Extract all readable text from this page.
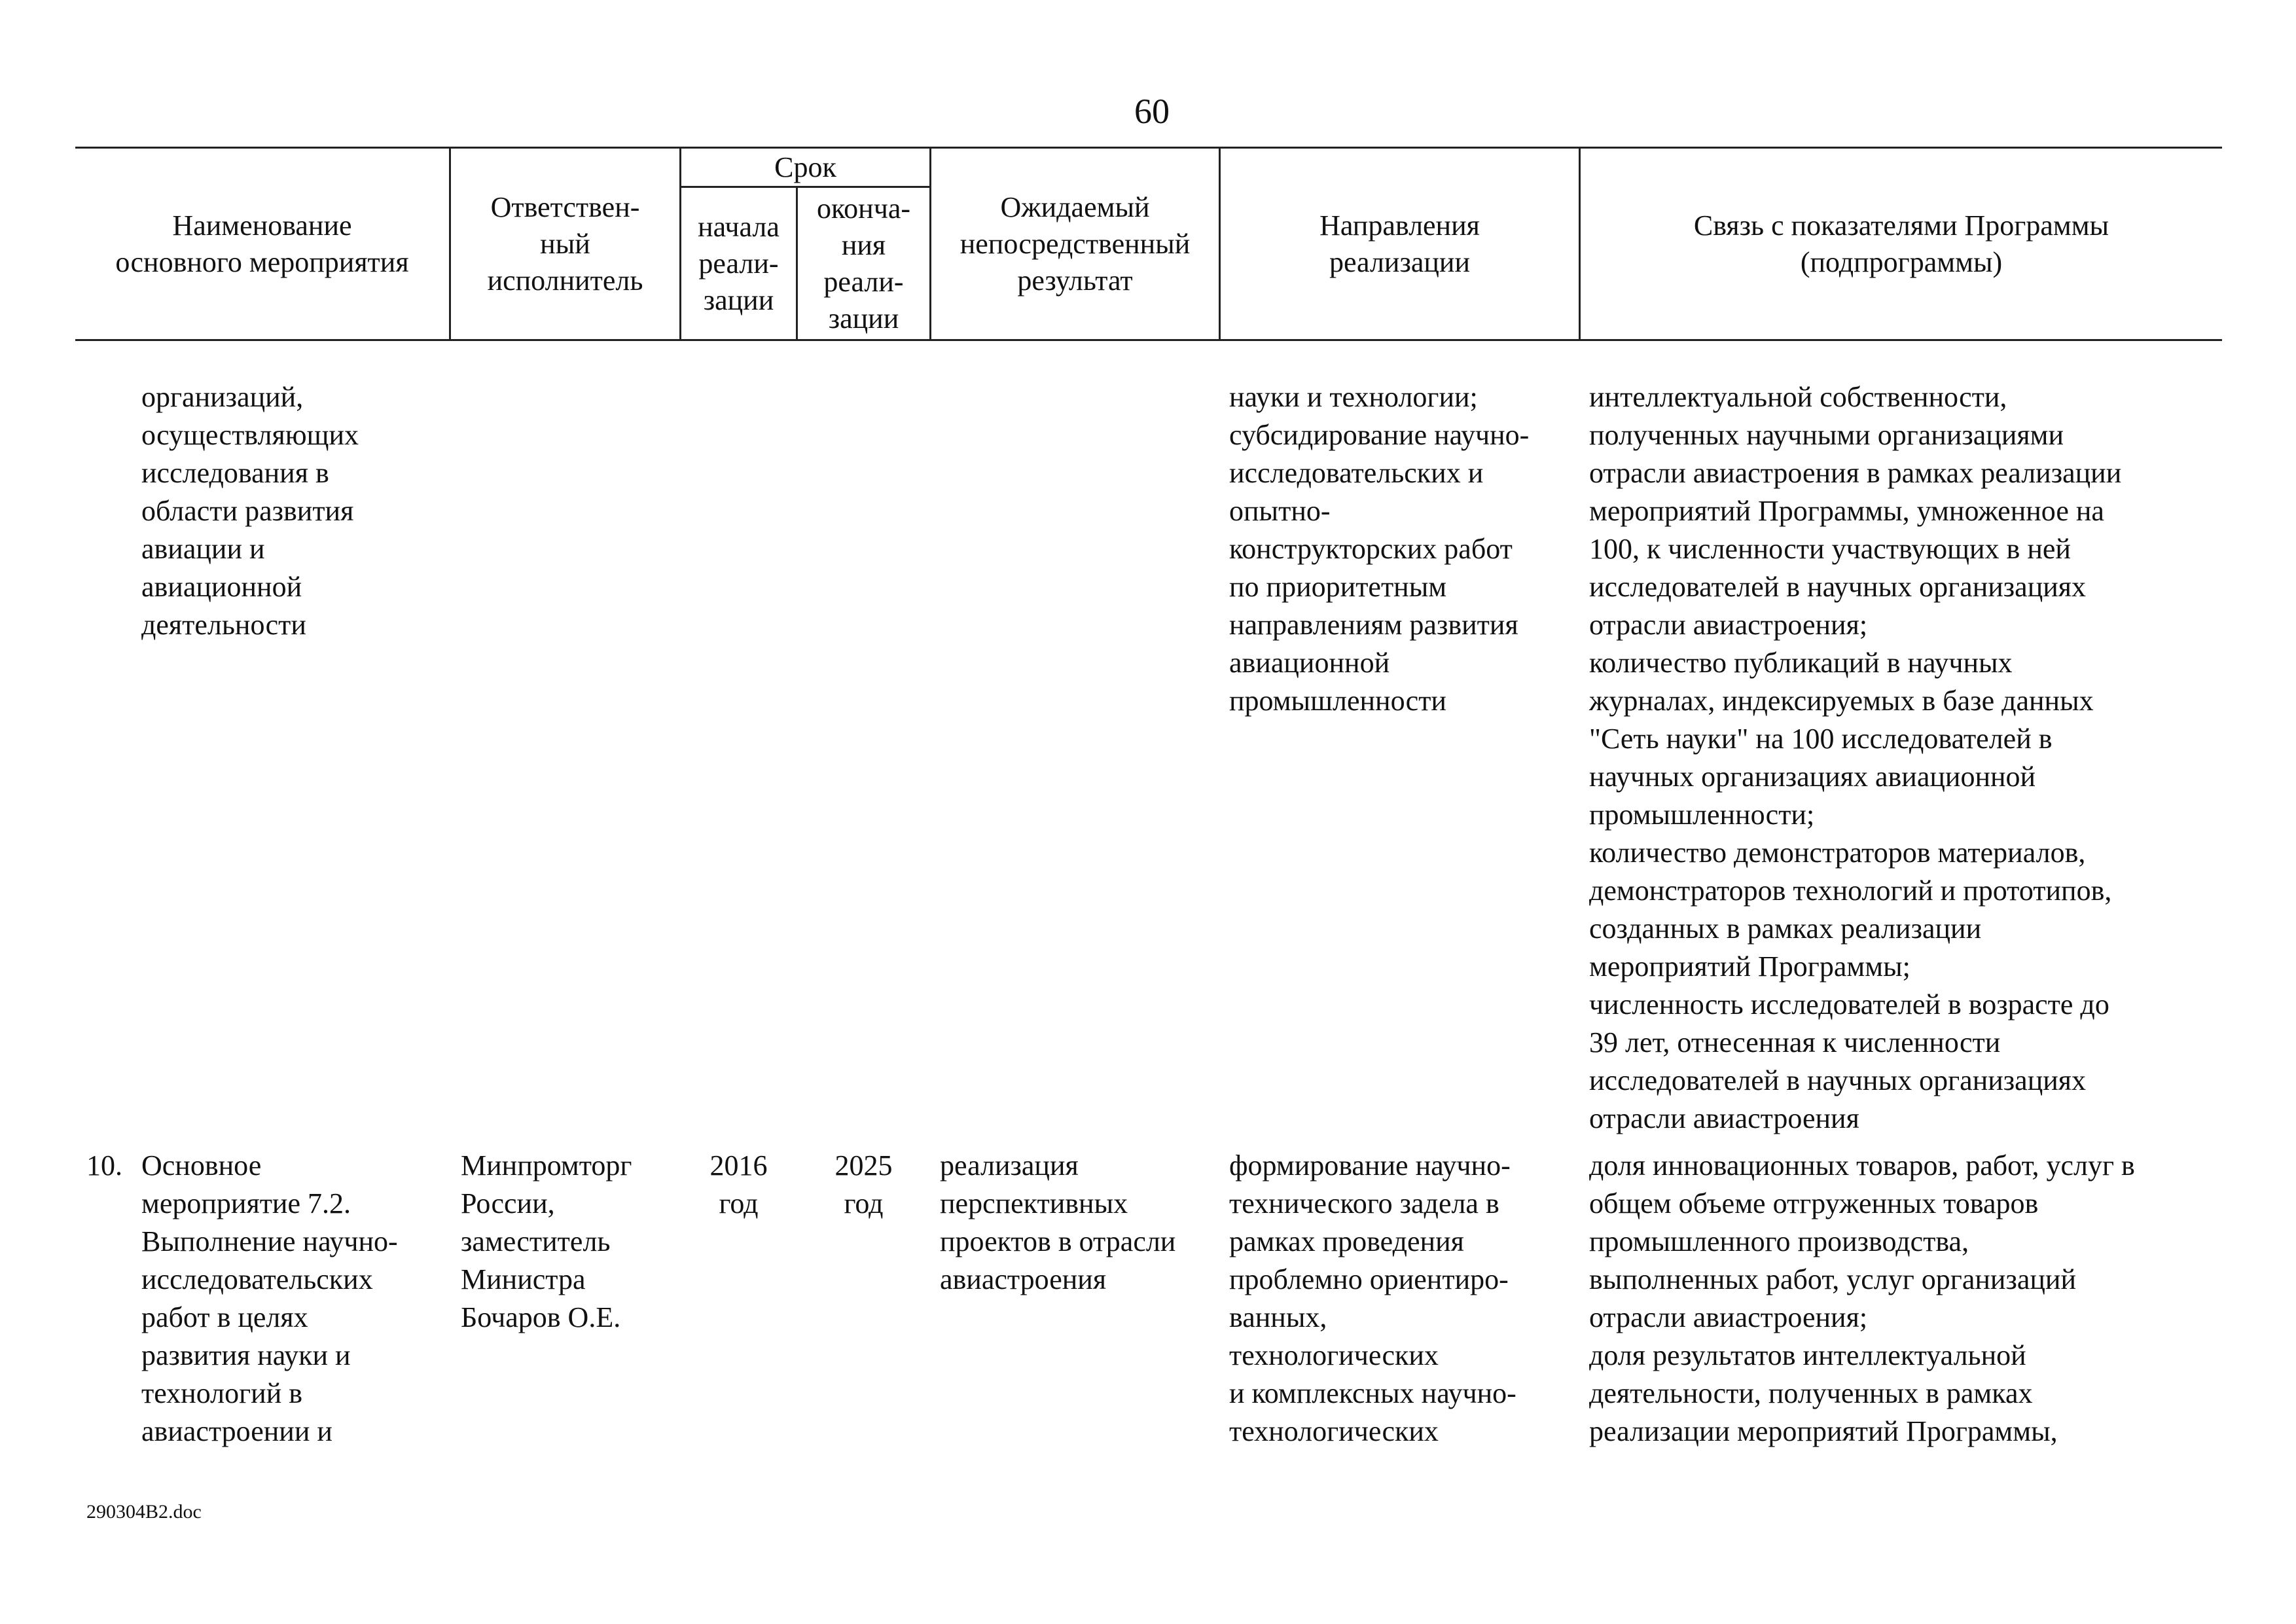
60
Наименование
основного мероприятия
Ответствен-
ный
исполнитель
Срок
начала
реали-
зации
оконча-
ния
реали-
зации
Ожидаемый
непосредственный
результат
Направления
реализации
Связь с показателями Программы
(подпрограммы)
организаций,
осуществляющих
исследования в
области развития
авиации и
авиационной
деятельности
науки и технологии;
субсидирование научно-
исследовательских и
опытно-
конструкторских работ
по приоритетным
направлениям развития
авиационной
промышленности
интеллектуальной собственности,
полученных научными организациями
отрасли авиастроения в рамках реализации
мероприятий Программы, умноженное на
100, к численности участвующих в ней
исследователей в научных организациях
отрасли авиастроения;
количество публикаций в научных
журналах, индексируемых в базе данных
"Сеть науки" на 100 исследователей в
научных организациях авиационной
промышленности;
количество демонстраторов материалов,
демонстраторов технологий и прототипов,
созданных в рамках реализации
мероприятий Программы;
численность исследователей в возрасте до
39 лет, отнесенная к численности
исследователей в научных организациях
отрасли авиастроения
10. Основное
мероприятие 7.2.
Выполнение научно-
исследовательских
работ в целях
развития науки и
технологий в
авиастроении и
Минпромторг
России,
заместитель
Министра
Бочаров О.Е.
2016
год
2025
год
реализация
перспективных
проектов в отрасли
авиастроения
формирование научно-
технического задела в
рамках проведения
проблемно ориентиро-
ванных,
технологических
и комплексных научно-
технологических
доля инновационных товаров, работ, услуг в
общем объеме отгруженных товаров
промышленного производства,
выполненных работ, услуг организаций
отрасли авиастроения;
доля результатов интеллектуальной
деятельности, полученных в рамках
реализации мероприятий Программы,
290304В2.doc
